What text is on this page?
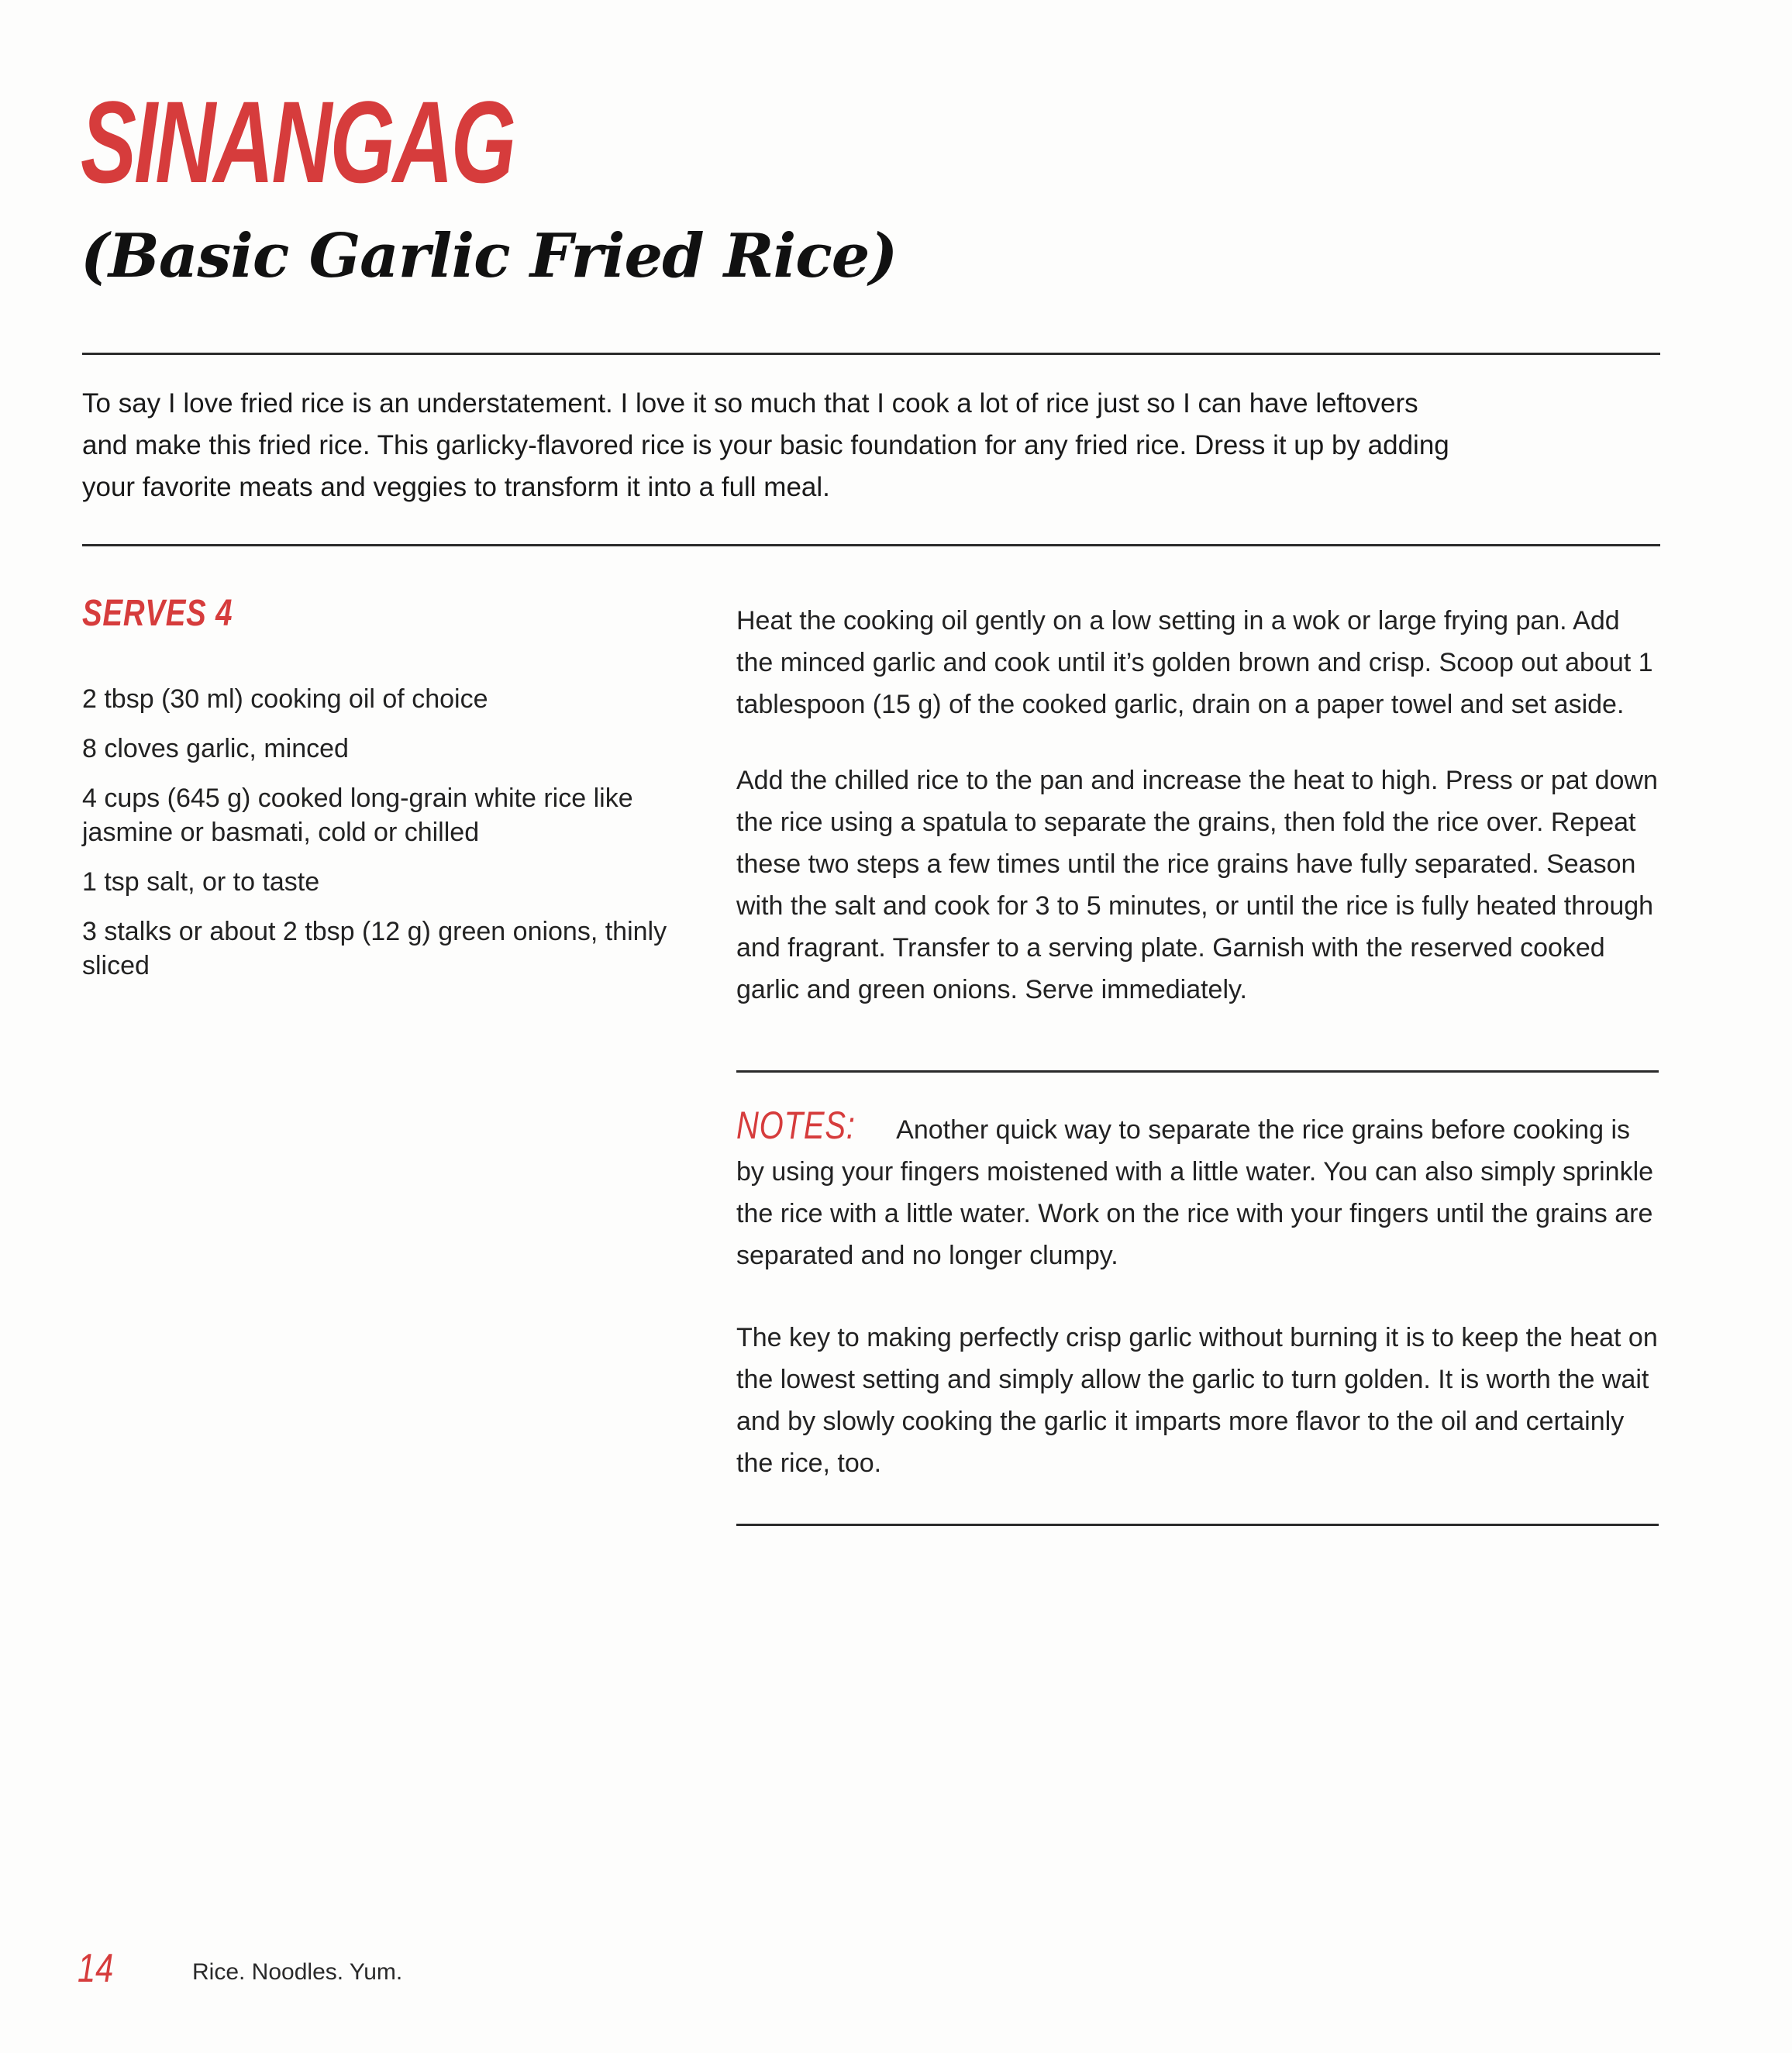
SINANGAG
(Basic Garlic Fried Rice)

To say I love fried rice is an understatement. I love it so much that I cook a lot of rice just so I can have leftovers and make this fried rice. This garlicky-flavored rice is your basic foundation for any fried rice. Dress it up by adding your favorite meats and veggies to transform it into a full meal.

SERVES 4
2 tbsp (30 ml) cooking oil of choice
8 cloves garlic, minced
4 cups (645 g) cooked long-grain white rice like jasmine or basmati, cold or chilled
1 tsp salt, or to taste
3 stalks or about 2 tbsp (12 g) green onions, thinly sliced

Heat the cooking oil gently on a low setting in a wok or large frying pan. Add the minced garlic and cook until it’s golden brown and crisp. Scoop out about 1 tablespoon (15 g) of the cooked garlic, drain on a paper towel and set aside.

Add the chilled rice to the pan and increase the heat to high. Press or pat down the rice using a spatula to separate the grains, then fold the rice over. Repeat these two steps a few times until the rice grains have fully separated. Season with the salt and cook for 3 to 5 minutes, or until the rice is fully heated through and fragrant. Transfer to a serving plate. Garnish with the reserved cooked garlic and green onions. Serve immediately.

NOTES: Another quick way to separate the rice grains before cooking is by using your fingers moistened with a little water. You can also simply sprinkle the rice with a little water. Work on the rice with your fingers until the grains are separated and no longer clumpy.

The key to making perfectly crisp garlic without burning it is to keep the heat on the lowest setting and simply allow the garlic to turn golden. It is worth the wait and by slowly cooking the garlic it imparts more flavor to the oil and certainly the rice, too.

14	Rice. Noodles. Yum.
